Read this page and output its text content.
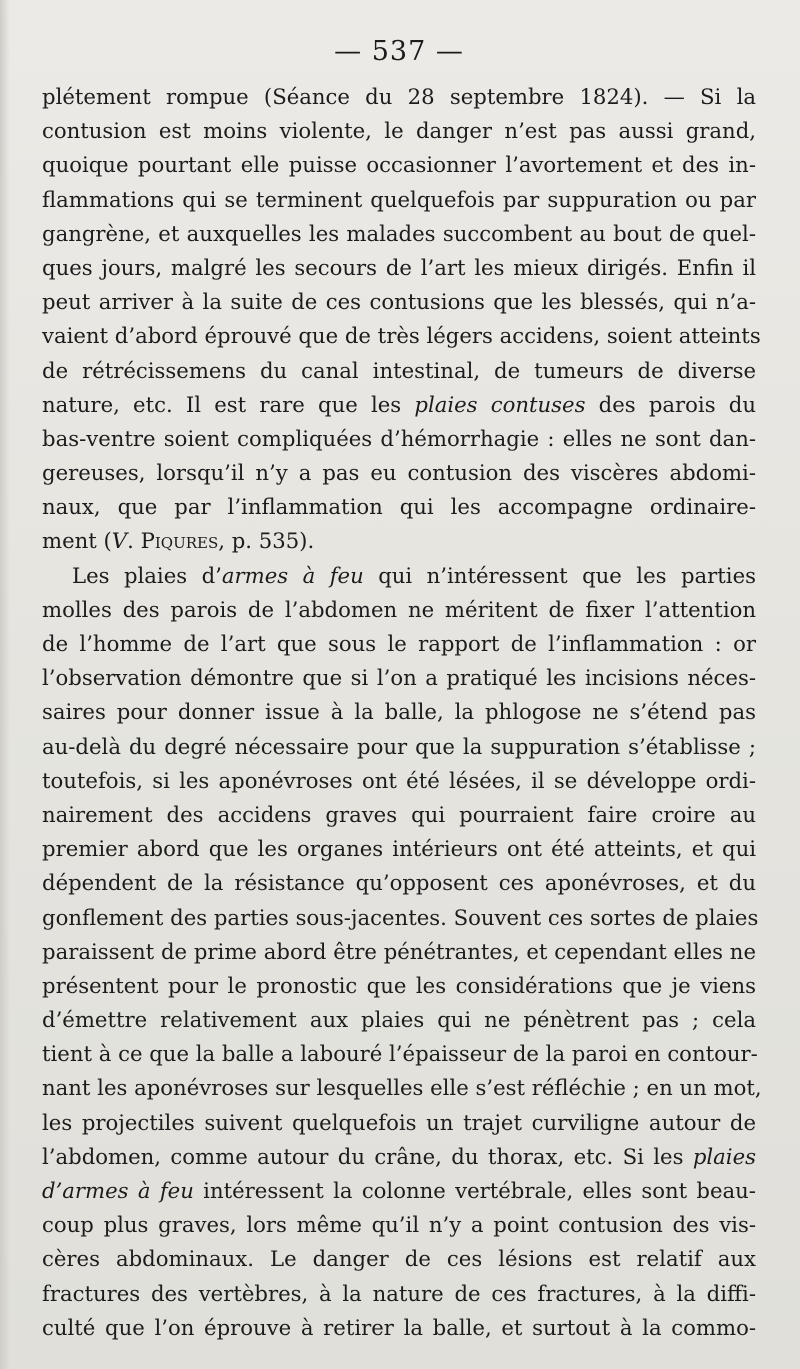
— 537 —
plétement rompue (Séance du 28 septembre 1824). — Si la
contusion est moins violente, le danger n’est pas aussi grand,
quoique pourtant elle puisse occasionner l’avortement et des in-
flammations qui se terminent quelquefois par suppuration ou par
gangrène, et auxquelles les malades succombent au bout de quel-
ques jours, malgré les secours de l’art les mieux dirigés. Enfin il
peut arriver à la suite de ces contusions que les blessés, qui n’a-
vaient d’abord éprouvé que de très légers accidens, soient atteints
de rétrécissemens du canal intestinal, de tumeurs de diverse
nature, etc. Il est rare que les plaies contuses des parois du
bas-ventre soient compliquées d’hémorrhagie : elles ne sont dan-
gereuses, lorsqu’il n’y a pas eu contusion des viscères abdomi-
naux, que par l’inflammation qui les accompagne ordinaire-
ment (V. Piqures, p. 535).
Les plaies d’armes à feu qui n’intéressent que les parties
molles des parois de l’abdomen ne méritent de fixer l’attention
de l’homme de l’art que sous le rapport de l’inflammation : or
l’observation démontre que si l’on a pratiqué les incisions néces-
saires pour donner issue à la balle, la phlogose ne s’étend pas
au-delà du degré nécessaire pour que la suppuration s’établisse ;
toutefois, si les aponévroses ont été lésées, il se développe ordi-
nairement des accidens graves qui pourraient faire croire au
premier abord que les organes intérieurs ont été atteints, et qui
dépendent de la résistance qu’opposent ces aponévroses, et du
gonflement des parties sous-jacentes. Souvent ces sortes de plaies
paraissent de prime abord être pénétrantes, et cependant elles ne
présentent pour le pronostic que les considérations que je viens
d’émettre relativement aux plaies qui ne pénètrent pas ; cela
tient à ce que la balle a labouré l’épaisseur de la paroi en contour-
nant les aponévroses sur lesquelles elle s’est réfléchie ; en un mot,
les projectiles suivent quelquefois un trajet curviligne autour de
l’abdomen, comme autour du crâne, du thorax, etc. Si les plaies
d’armes à feu intéressent la colonne vertébrale, elles sont beau-
coup plus graves, lors même qu’il n’y a point contusion des vis-
cères abdominaux. Le danger de ces lésions est relatif aux
fractures des vertèbres, à la nature de ces fractures, à la diffi-
culté que l’on éprouve à retirer la balle, et surtout à la commo-
